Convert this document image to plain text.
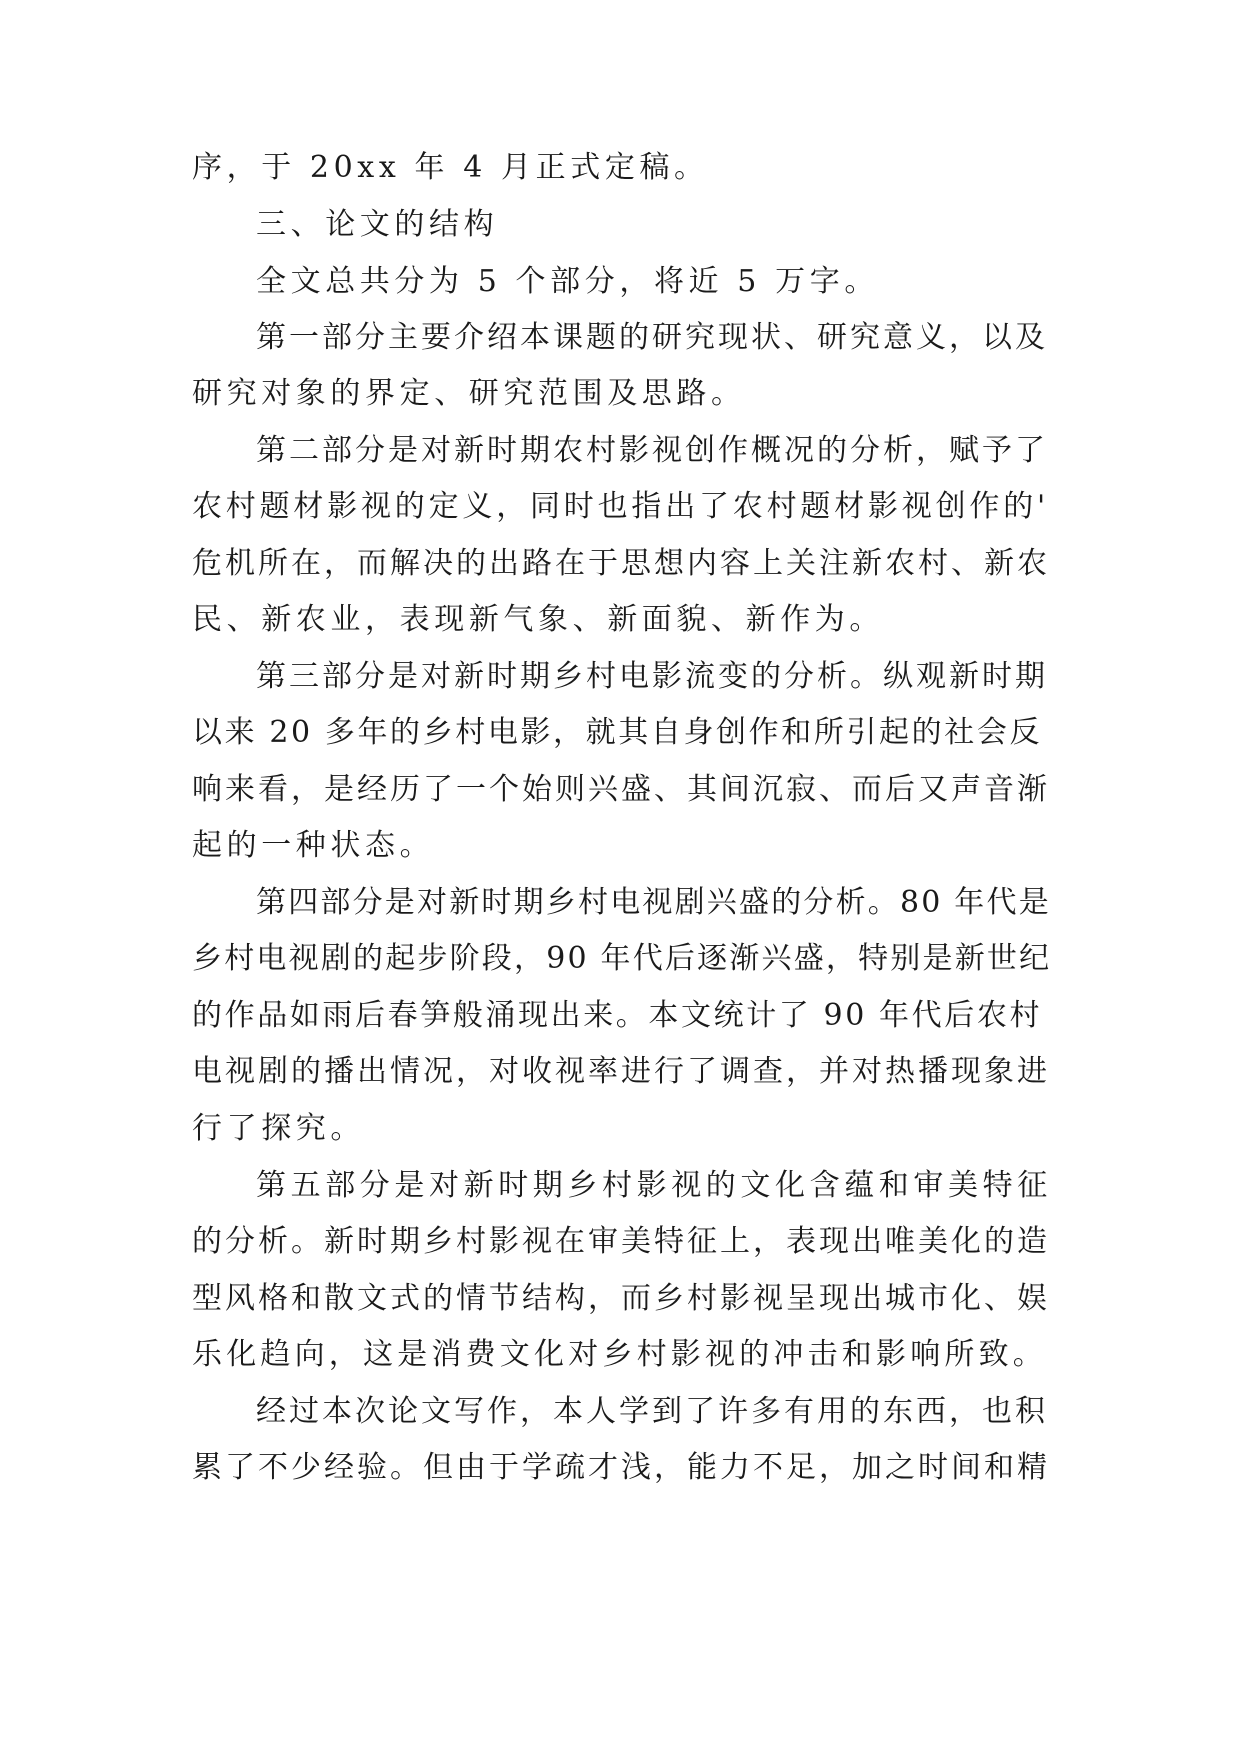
序，于 20xx 年 4 月正式定稿。
三、论文的结构
全文总共分为 5 个部分，将近 5 万字。
第一部分主要介绍本课题的研究现状、研究意义，以及
研究对象的界定、研究范围及思路。
第二部分是对新时期农村影视创作概况的分析，赋予了
农村题材影视的定义，同时也指出了农村题材影视创作的'
危机所在，而解决的出路在于思想内容上关注新农村、新农
民、新农业，表现新气象、新面貌、新作为。
第三部分是对新时期乡村电影流变的分析。纵观新时期
以来 20 多年的乡村电影，就其自身创作和所引起的社会反
响来看，是经历了一个始则兴盛、其间沉寂、而后又声音渐
起的一种状态。
第四部分是对新时期乡村电视剧兴盛的分析。80 年代是
乡村电视剧的起步阶段，90 年代后逐渐兴盛，特别是新世纪
的作品如雨后春笋般涌现出来。本文统计了 90 年代后农村
电视剧的播出情况，对收视率进行了调查，并对热播现象进
行了探究。
第五部分是对新时期乡村影视的文化含蕴和审美特征
的分析。新时期乡村影视在审美特征上，表现出唯美化的造
型风格和散文式的情节结构，而乡村影视呈现出城市化、娱
乐化趋向，这是消费文化对乡村影视的冲击和影响所致。
经过本次论文写作，本人学到了许多有用的东西，也积
累了不少经验。但由于学疏才浅，能力不足，加之时间和精
